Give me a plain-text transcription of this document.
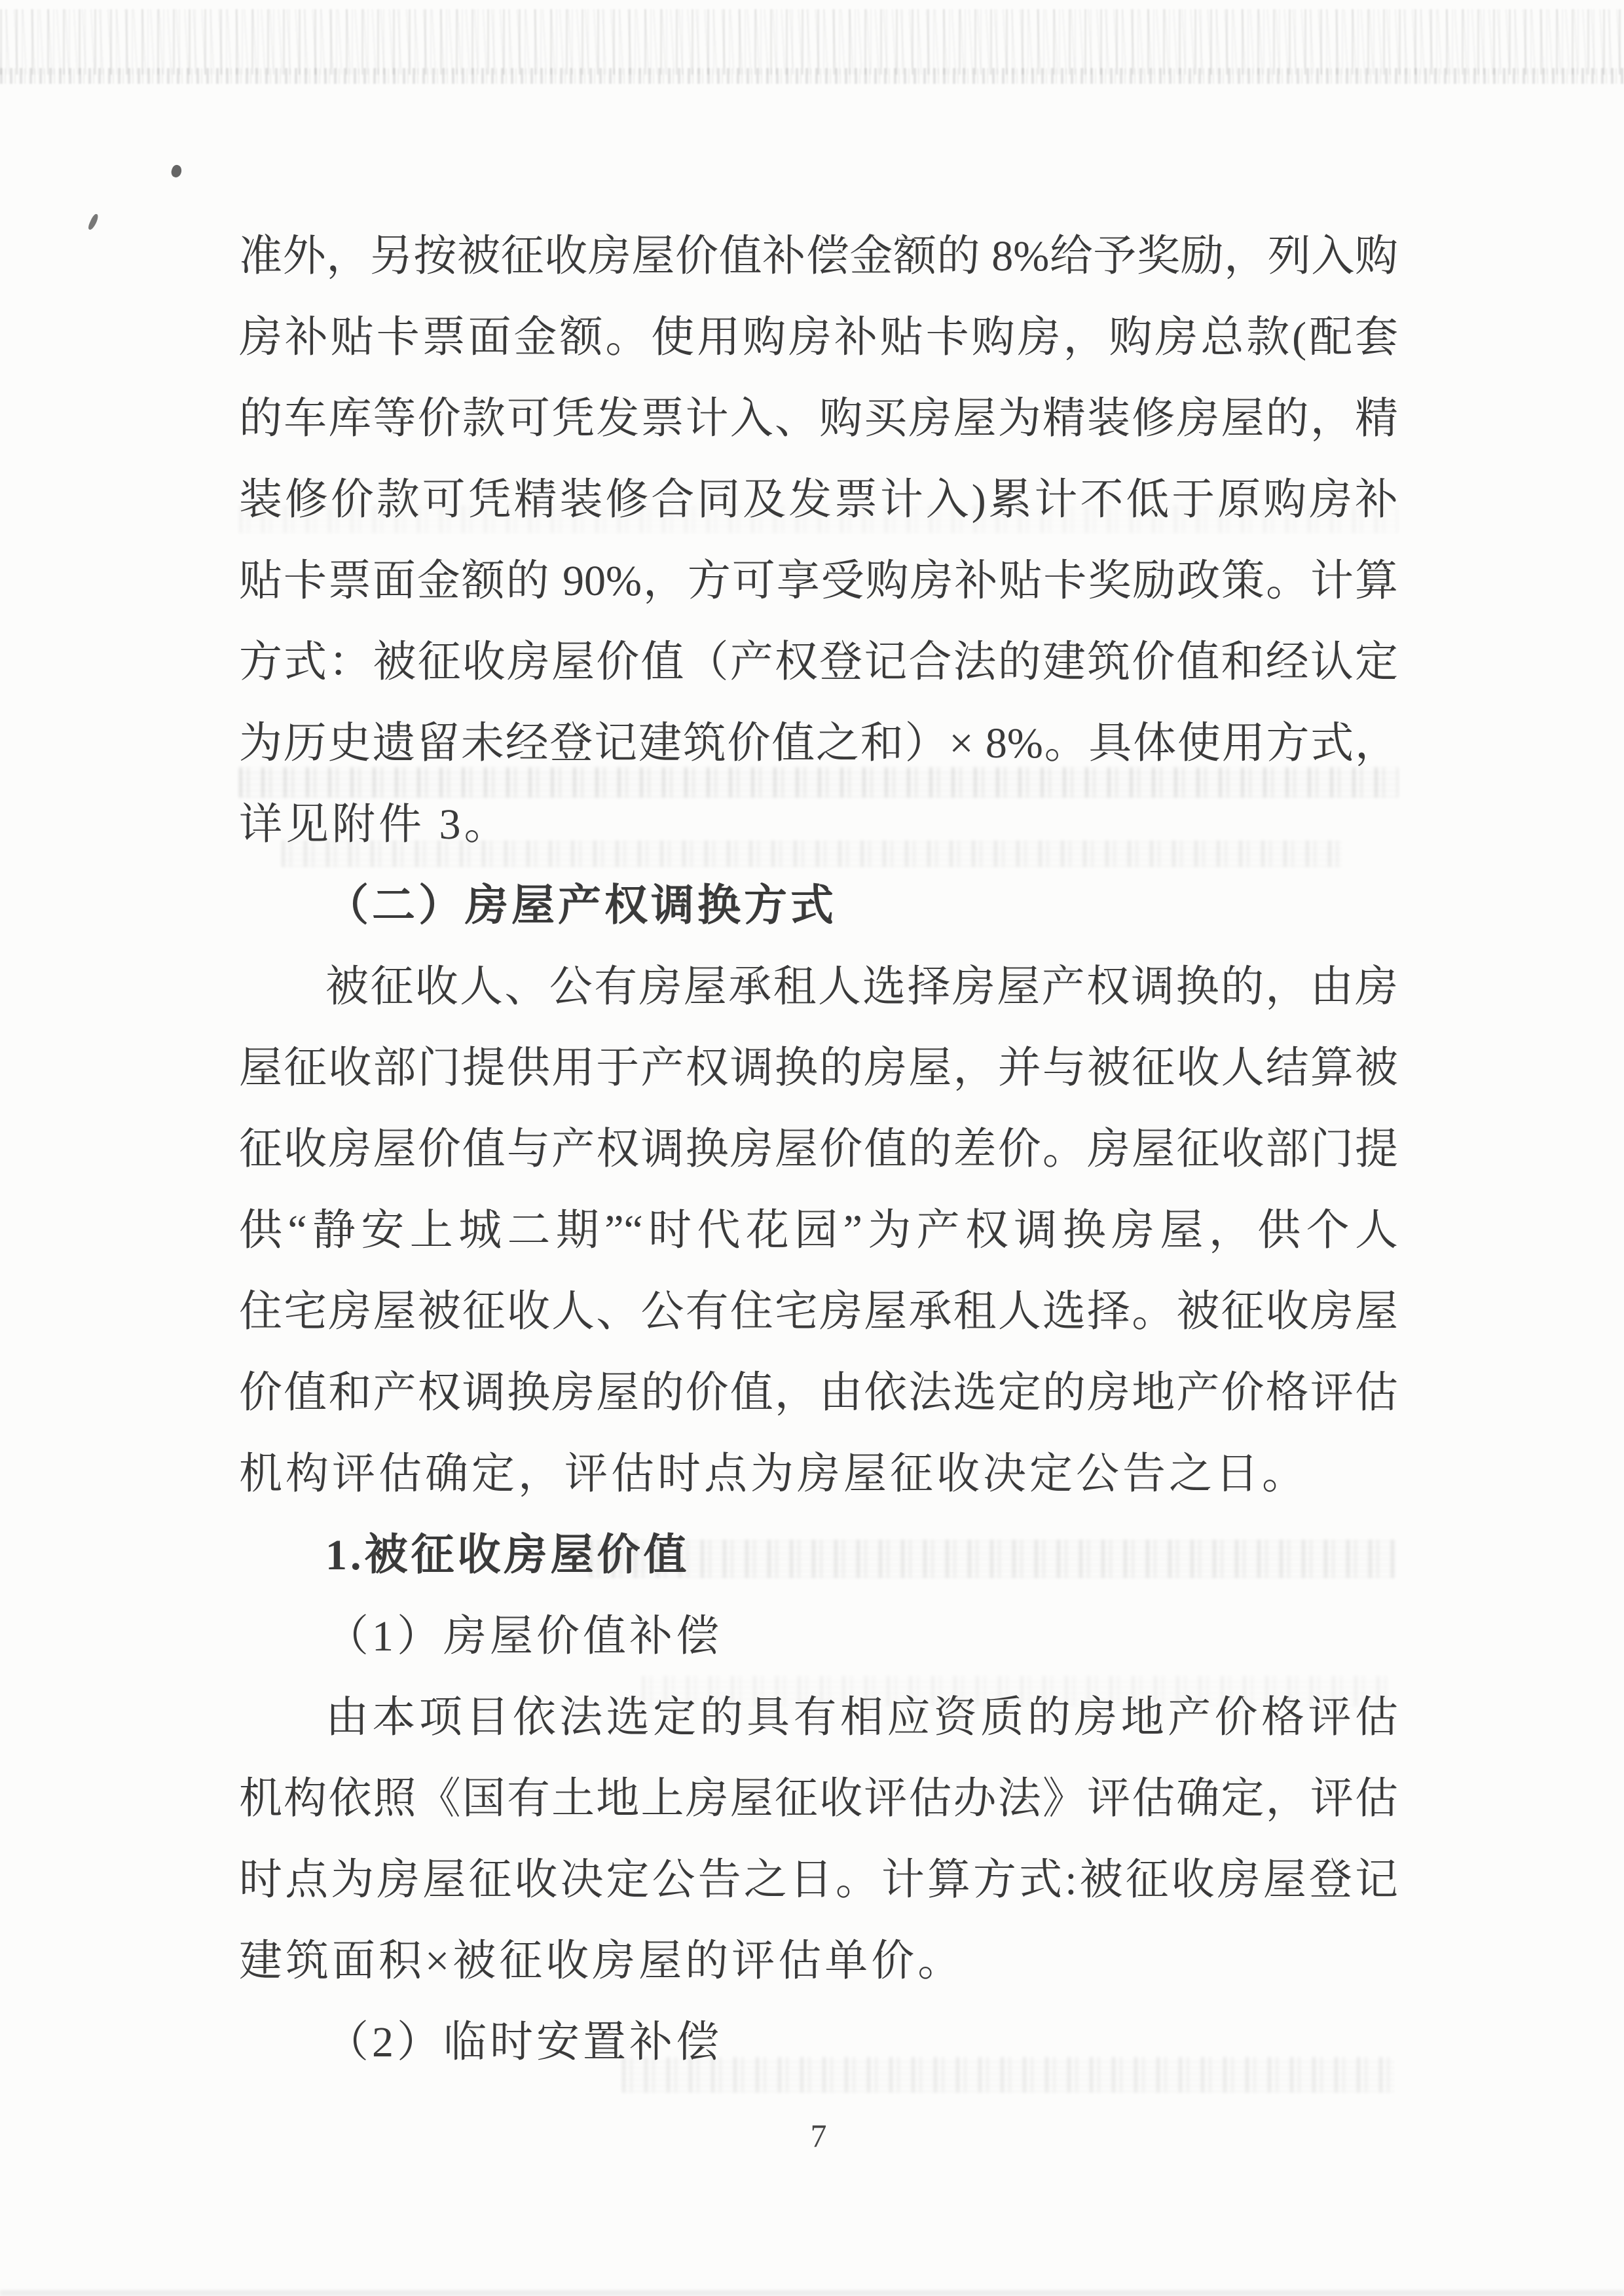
准外，另按被征收房屋价值补偿金额的 8%给予奖励，列入购
房补贴卡票面金额。使用购房补贴卡购房，购房总款(配套
的车库等价款可凭发票计入、购买房屋为精装修房屋的，精
装修价款可凭精装修合同及发票计入)累计不低于原购房补
贴卡票面金额的 90%，方可享受购房补贴卡奖励政策。计算
方式：被征收房屋价值（产权登记合法的建筑价值和经认定
为历史遗留未经登记建筑价值之和）× 8%。具体使用方式，
详见附件 3。
（二）房屋产权调换方式
被征收人、公有房屋承租人选择房屋产权调换的，由房
屋征收部门提供用于产权调换的房屋，并与被征收人结算被
征收房屋价值与产权调换房屋价值的差价。房屋征收部门提
供“静安上城二期”“时代花园”为产权调换房屋，供个人
住宅房屋被征收人、公有住宅房屋承租人选择。被征收房屋
价值和产权调换房屋的价值，由依法选定的房地产价格评估
机构评估确定，评估时点为房屋征收决定公告之日。
1.被征收房屋价值
（1）房屋价值补偿
由本项目依法选定的具有相应资质的房地产价格评估
机构依照《国有土地上房屋征收评估办法》评估确定，评估
时点为房屋征收决定公告之日。计算方式:被征收房屋登记
建筑面积×被征收房屋的评估单价。
（2）临时安置补偿
7
